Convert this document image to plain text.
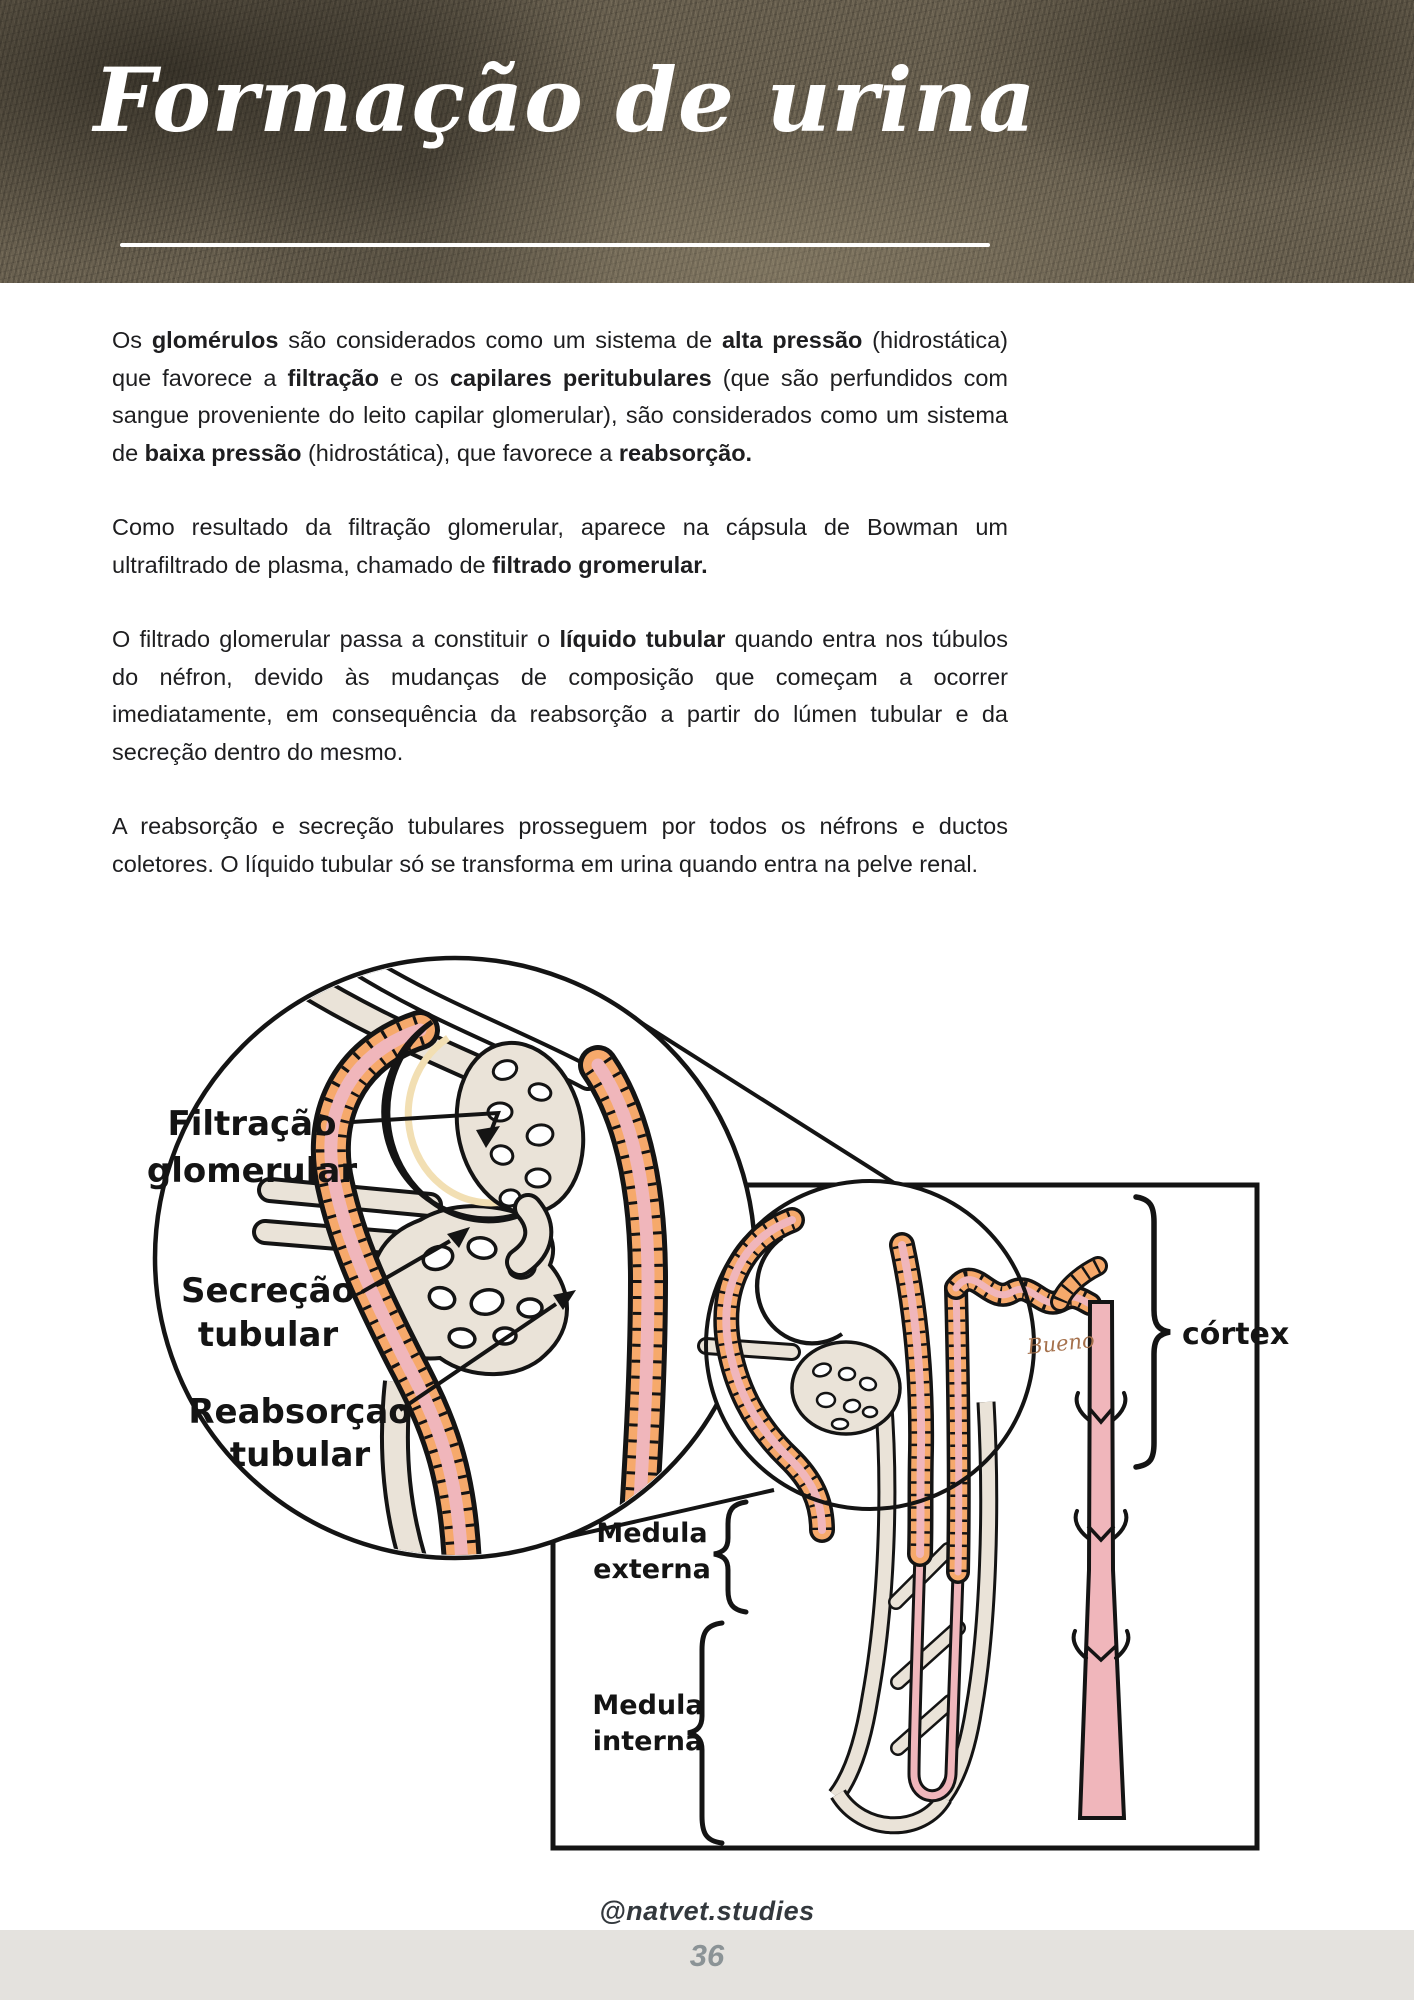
Formação de urina

Os glomérulos são considerados como um sistema de alta pressão (hidrostática) que favorece a filtração e os capilares peritubulares (que são perfundidos com sangue proveniente do leito capilar glomerular), são considerados como um sistema de baixa pressão (hidrostática), que favorece a reabsorção.

Como resultado da filtração glomerular, aparece na cápsula de Bowman um ultrafiltrado de plasma, chamado de filtrado gromerular.

O filtrado glomerular passa a constituir o líquido tubular quando entra nos túbulos do néfron, devido às mudanças de composição que começam a ocorrer imediatamente, em consequência da reabsorção a partir do lúmen tubular e da secreção dentro do mesmo.

A reabsorção e secreção tubulares prosseguem por todos os néfrons e ductos coletores. O líquido tubular só se transforma em urina quando entra na pelve renal.

Filtração
glomerular
Secreção
tubular
Reabsorçao
tubular
Bueno	córtex
Medula
externa
Medula
interna
@natvet.studies
36
